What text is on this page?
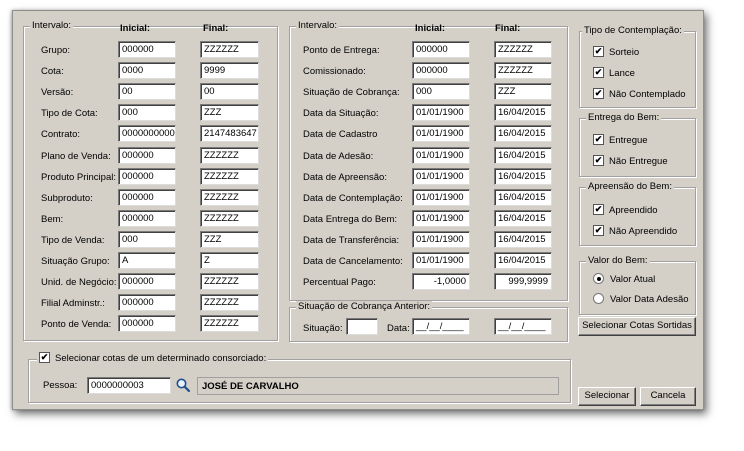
Intervalo:	Inicial:	Final:	Intervalo:	Inicial:	Final:
Situação de Cobrança Anterior:
Situação:	Data: __/__/____	__/__/____
Tipo de Contemplação:
Entrega do Bem:
Apreensão do Bem:
Valor do Bem:
Selecionar Cotas Sortidas
✔ Selecionar cotas de um determinado consorciado:
Pessoa:	0000000003	JOSÉ DE CARVALHO
Selecionar	Cancela
Grupo:	000000	ZZZZZZ
Cota:	0000	9999
Versão:	00	00
Tipo de Cota:	000	ZZZ
Contrato:	0000000000	2147483647
Plano de Venda:	000000	ZZZZZZ
Produto Principal: 000000	ZZZZZZ
Subproduto:	000000	ZZZZZZ
Bem:	000000	ZZZZZZ
Tipo de Venda:	000	ZZZ
Situação Grupo:	A	Z
Unid. de Negócio: 000000	ZZZZZZ
Filial Adminstr.:	000000	ZZZZZZ
Ponto de Venda:	000000	ZZZZZZ
Ponto de Entrega:	000000	ZZZZZZ
Comissionado:	000000	ZZZZZZ
Situação de Cobrança:	000	ZZZ
Data da Situação:	01/01/1900	16/04/2015
Data de Cadastro	01/01/1900	16/04/2015
Data de Adesão:	01/01/1900	16/04/2015
Data de Apreensão:	01/01/1900	16/04/2015
Data de Contemplação:	01/01/1900	16/04/2015
Data Entrega do Bem:	01/01/1900	16/04/2015
Data de Transferência:	01/01/1900	16/04/2015
Data de Cancelamento:	01/01/1900	16/04/2015
Percentual Pago:	-1,0000	999,9999
✔ Sorteio
✔ Lance
✔ Não Contemplado
✔ Entregue
✔ Não Entregue
✔ Apreendido
✔ Não Apreendido
Valor Atual
Valor Data Adesão
